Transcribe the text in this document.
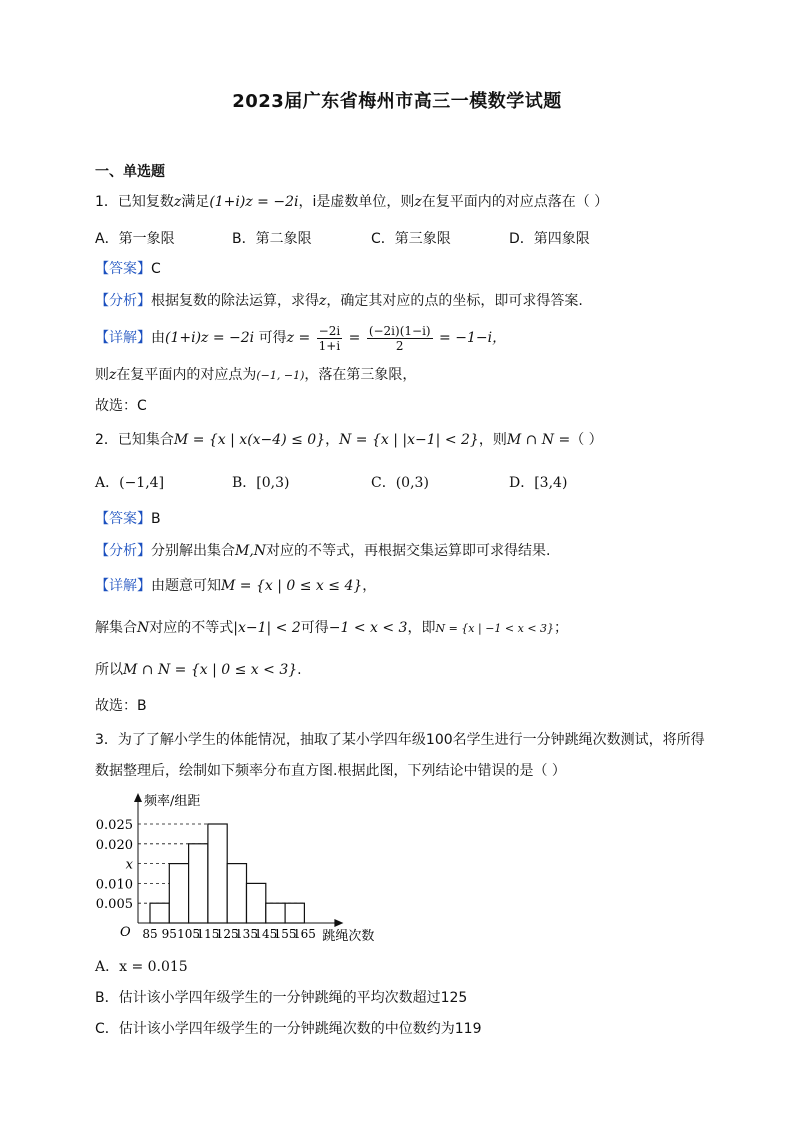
2023届广东省梅州市高三一模数学试题
一、单选题
1．已知复数z满足(1+i)z = −2i，i是虚数单位，则z在复平面内的对应点落在（ ）
A．第一象限	B．第二象限	C．第三象限	D．第四象限
【答案】C
【分析】根据复数的除法运算，求得z，确定其对应的点的坐标，即可求得答案.
【详解】由(1+i)z = −2i 可得$z = \frac{-2i}{1+i} = \frac{(-2i)(1-i)}{2} = -1-i$，
则z在复平面内的对应点为(−1, −1)，落在第三象限，
故选：C
2．已知集合M = {x | x(x−4) ≤ 0}，N = {x | |x−1| < 2}，则M ∩ N =（ ）
A．(−1,4]	B．[0,3)	C．(0,3)	D．[3,4)
【答案】B
【分析】分别解出集合M,N对应的不等式，再根据交集运算即可求得结果.
【详解】由题意可知M = {x | 0 ≤ x ≤ 4}，
解集合N对应的不等式|x−1| < 2可得−1 < x < 3，即N = {x | −1 < x < 3}；
所以M ∩ N = {x | 0 ≤ x < 3}.
故选：B
3．为了了解小学生的体能情况，抽取了某小学四年级100名学生进行一分钟跳绳次数测试，将所得
数据整理后，绘制如下频率分布直方图.根据此图，下列结论中错误的是（ ）
0.005
0.010
x
0.020
0.025
85 95 105
115
125
135
145
155
165
频率/组距
跳绳次数
O
A．x = 0.015
B．估计该小学四年级学生的一分钟跳绳的平均次数超过125
C．估计该小学四年级学生的一分钟跳绳次数的中位数约为119
